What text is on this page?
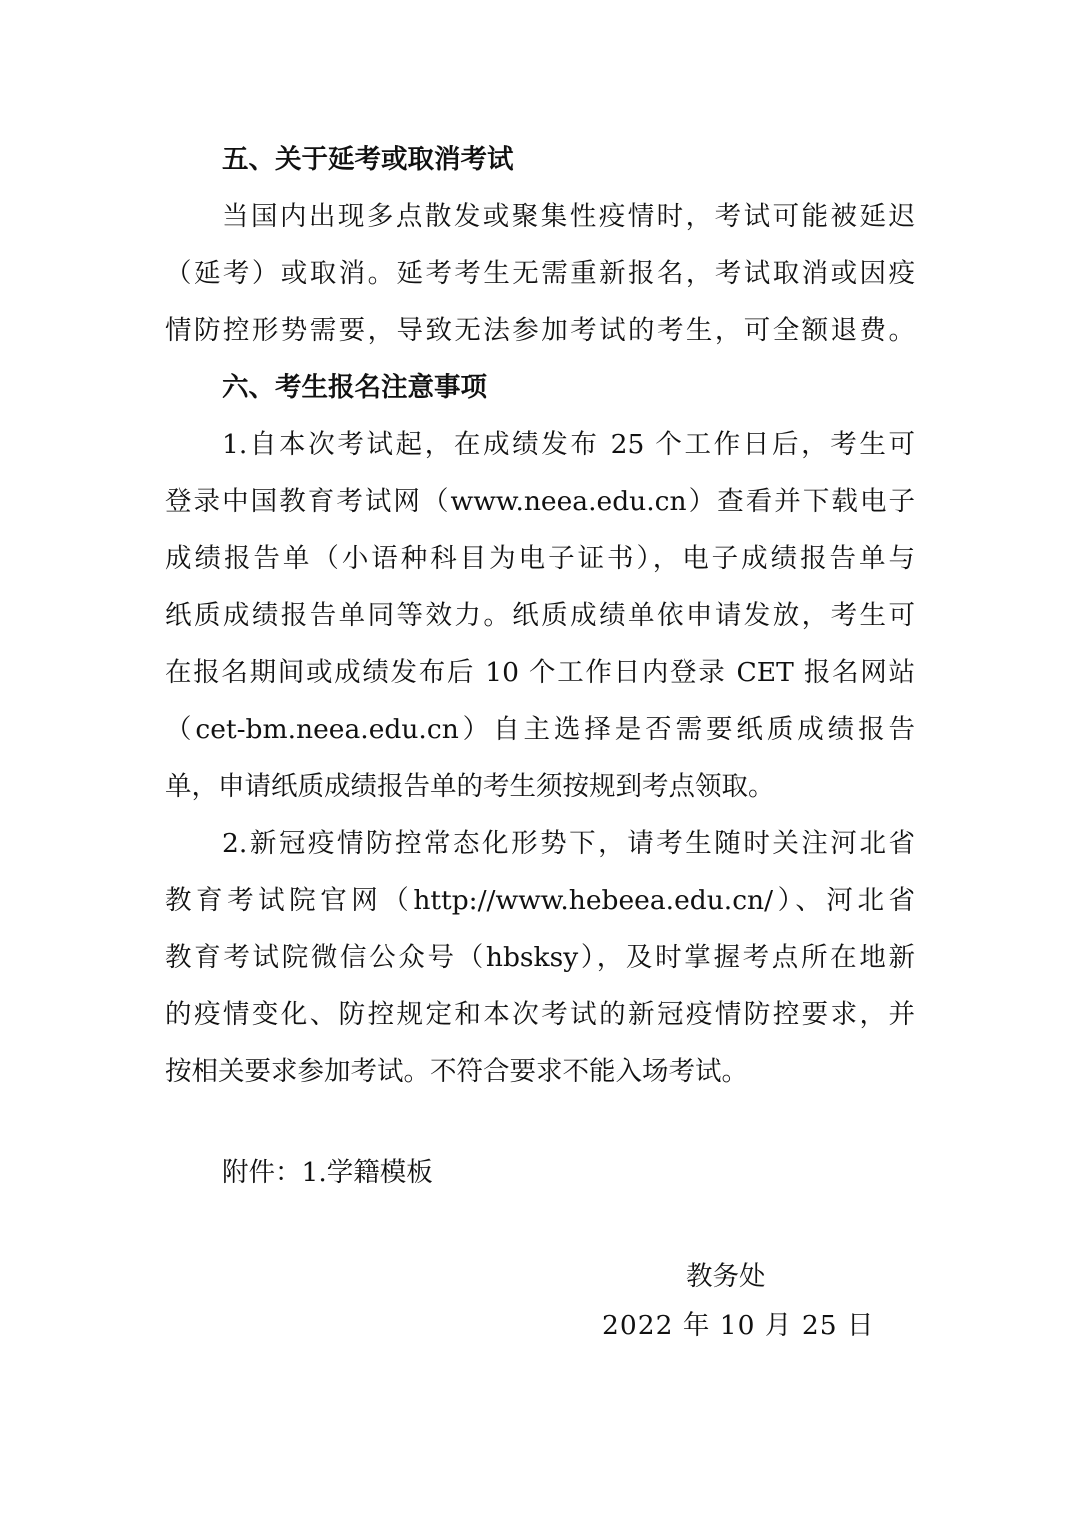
五、关于延考或取消考试
当国内出现多点散发或聚集性疫情时，考试可能被延迟
（延考）或取消。延考考生无需重新报名，考试取消或因疫
情防控形势需要，导致无法参加考试的考生，可全额退费。
六、考生报名注意事项
1.自本次考试起，在成绩发布 25 个工作日后，考生可
登录中国教育考试网（www.neea.edu.cn）查看并下载电子
成绩报告单（小语种科目为电子证书），电子成绩报告单与
纸质成绩报告单同等效力。纸质成绩单依申请发放，考生可
在报名期间或成绩发布后 10 个工作日内登录 CET 报名网站
（cet-bm.neea.edu.cn）自主选择是否需要纸质成绩报告
单，申请纸质成绩报告单的考生须按规到考点领取。
2.新冠疫情防控常态化形势下，请考生随时关注河北省
教育考试院官网（http://www.hebeea.edu.cn/）、河北省
教育考试院微信公众号（hbsksy），及时掌握考点所在地新
的疫情变化、防控规定和本次考试的新冠疫情防控要求，并
按相关要求参加考试。不符合要求不能入场考试。
附件：1.学籍模板
教务处
2022 年 10 月 25 日
